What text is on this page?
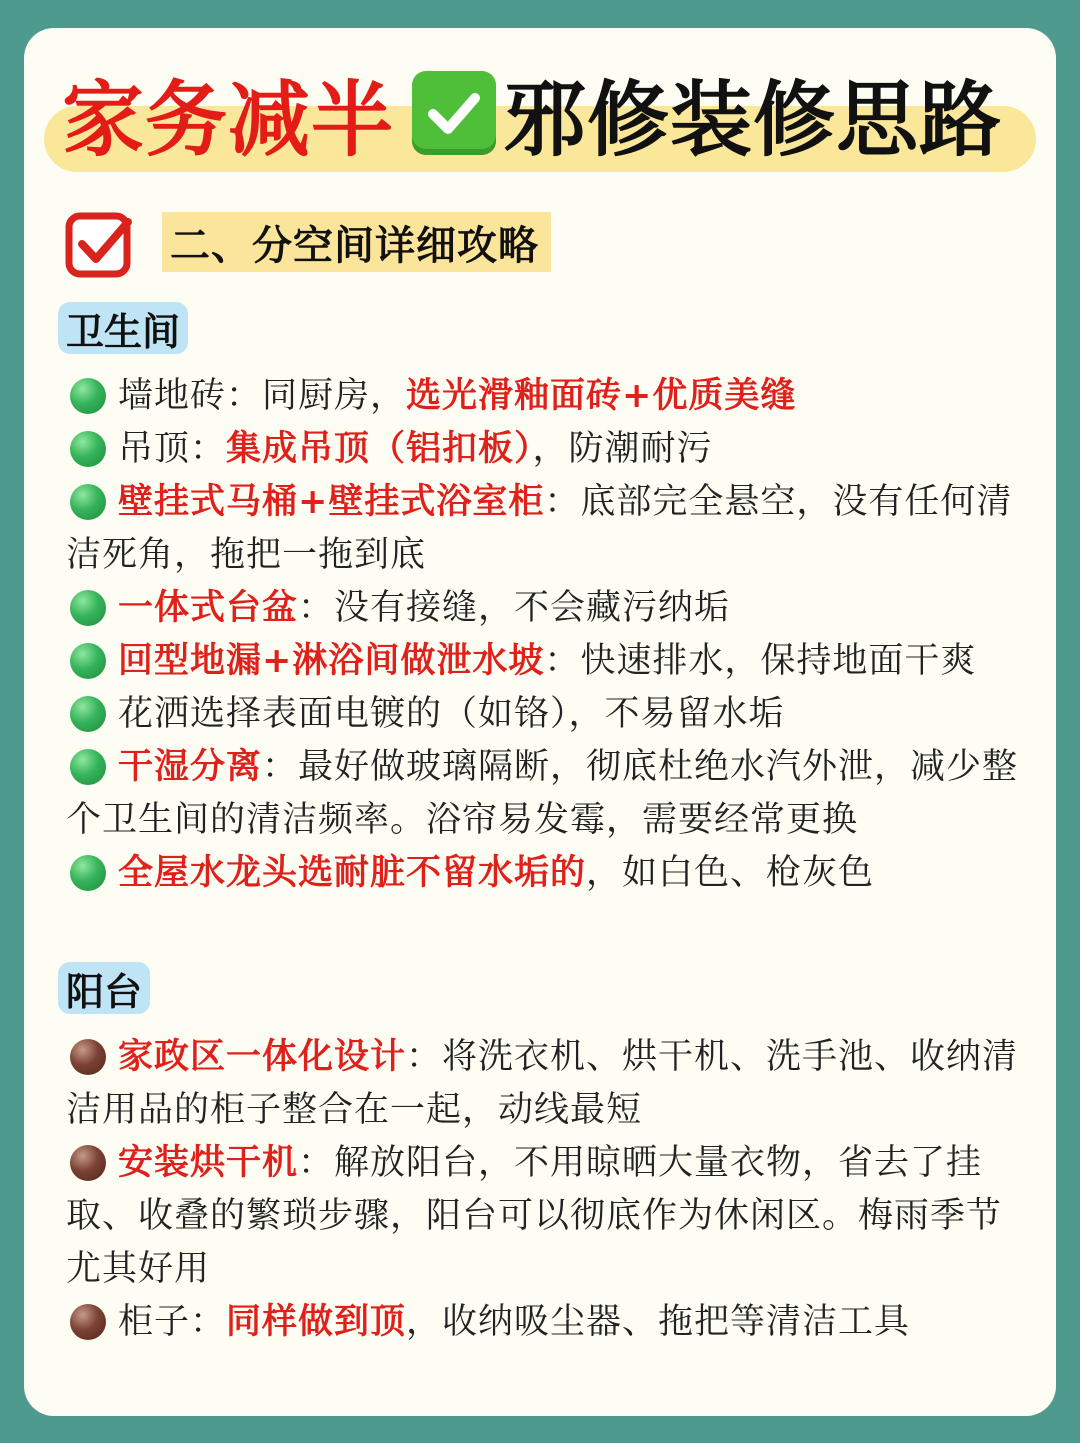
家务减半 邪修装修思路
二、分空间详细攻略
卫生间
墙地砖：同厨房，选光滑釉面砖+优质美缝
吊顶：集成吊顶（铝扣板），防潮耐污
壁挂式马桶+壁挂式浴室柜：底部完全悬空，没有任何清洁死角，拖把一拖到底
一体式台盆：没有接缝，不会藏污纳垢
回型地漏+淋浴间做泄水坡：快速排水，保持地面干爽
花洒选择表面电镀的（如铬），不易留水垢
干湿分离：最好做玻璃隔断，彻底杜绝水汽外泄，减少整个卫生间的清洁频率。浴帘易发霉，需要经常更换
全屋水龙头选耐脏不留水垢的，如白色、枪灰色
阳台
家政区一体化设计：将洗衣机、烘干机、洗手池、收纳清洁用品的柜子整合在一起，动线最短
安装烘干机：解放阳台，不用晾晒大量衣物，省去了挂取、收叠的繁琐步骤，阳台可以彻底作为休闲区。梅雨季节尤其好用
柜子：同样做到顶，收纳吸尘器、拖把等清洁工具
